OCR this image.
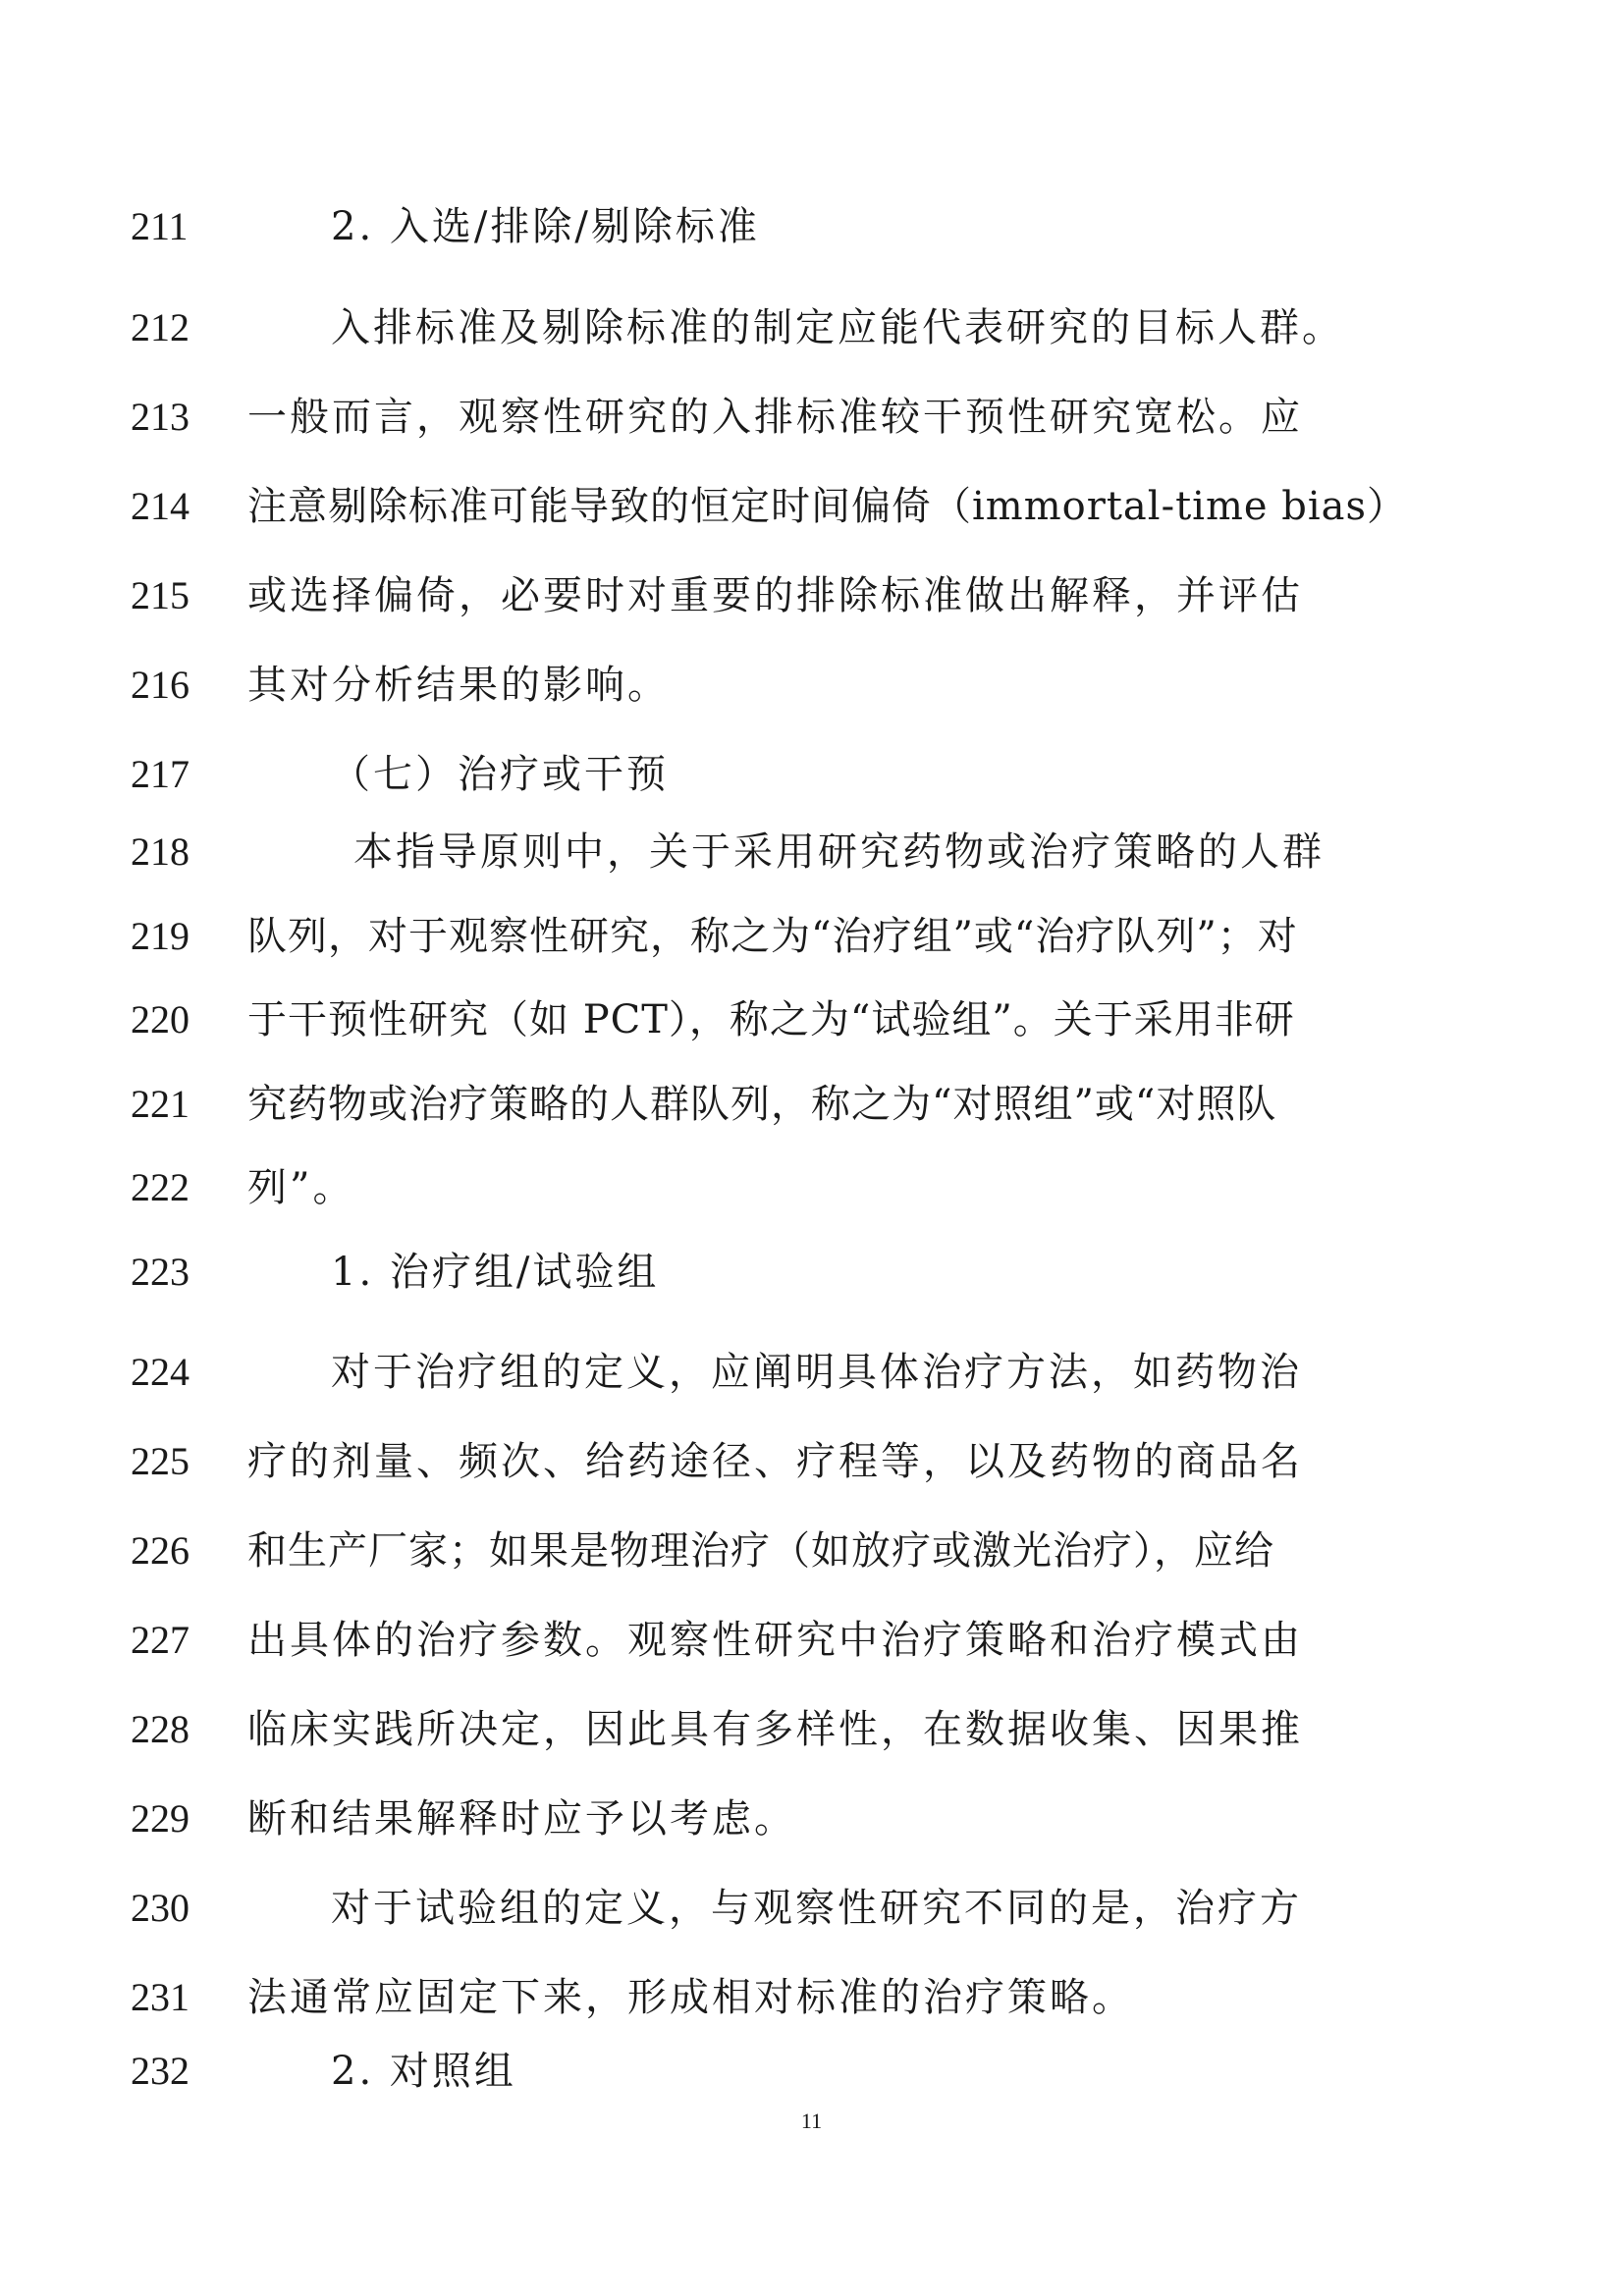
211	2. 入选/排除/剔除标准
212	入排标准及剔除标准的制定应能代表研究的目标人群。
213	一般而言，观察性研究的入排标准较干预性研究宽松。应
214	注意剔除标准可能导致的恒定时间偏倚（immortal-time bias）
215	或选择偏倚，必要时对重要的排除标准做出解释，并评估
216	其对分析结果的影响。
217	（七）治疗或干预
218	本指导原则中，关于采用研究药物或治疗策略的人群
219	队列，对于观察性研究，称之为“治疗组”或“治疗队列”；对
220	于干预性研究（如 PCT），称之为“试验组”。关于采用非研
221	究药物或治疗策略的人群队列，称之为“对照组”或“对照队
222	列”。
223	1. 治疗组/试验组
224	对于治疗组的定义，应阐明具体治疗方法，如药物治
225	疗的剂量、频次、给药途径、疗程等，以及药物的商品名
226	和生产厂家；如果是物理治疗（如放疗或激光治疗），应给
227	出具体的治疗参数。观察性研究中治疗策略和治疗模式由
228	临床实践所决定，因此具有多样性，在数据收集、因果推
229	断和结果解释时应予以考虑。
230	对于试验组的定义，与观察性研究不同的是，治疗方
231	法通常应固定下来，形成相对标准的治疗策略。
232	2. 对照组
11
